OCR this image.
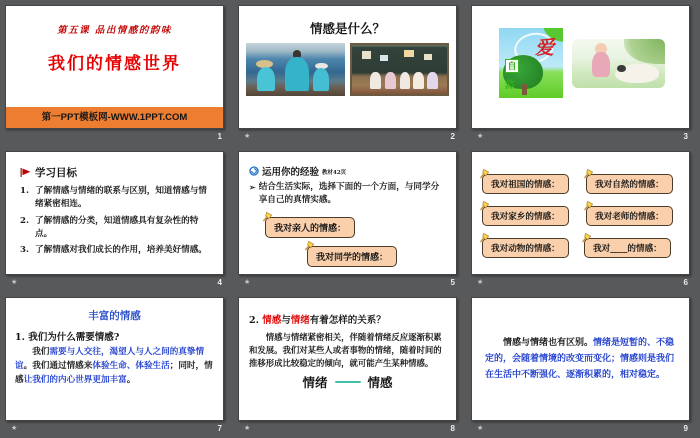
第五课 品出情感的韵味
我们的情感世界
第一PPT模板网-WWW.1PPT.COM
1
情感是什么？
★	2
爱
自
然
★	3
学习目标
1. 了解情感与情绪的联系与区别，知道情感与情绪紧密相连。
2. 了解情感的分类，知道情感具有复杂性的特点。
3. 了解情感对我们成长的作用，培养美好情感。
★	4
运用你的经验 教材42页
➢ 结合生活实际，选择下面的一个方面，与同学分享自己的真情实感。
我对亲人的情感：
我对同学的情感：
★	5
我对祖国的情感：	我对自然的情感：
我对家乡的情感：	我对老师的情感：
我对动物的情感：	我对____的情感：
★	6
丰富的情感
1. 我们为什么需要情感?
我们需要与人交往，渴望人与人之间的真挚情谊。我们通过情感来体验生命、体验生活；同时，情感让我们的内心世界更加丰富。
★	7
2. 情感与情绪有着怎样的关系？
情感与情绪紧密相关，伴随着情绪反应逐渐积累和发展。我们对某些人或者事物的情绪，随着时间的推移形成比较稳定的倾向，就可能产生某种情感。
情绪	情感
★	8
情感与情绪也有区别。情绪是短暂的、不稳定的，会随着情境的改变而变化；情感则是我们在生活中不断强化、逐渐积累的，相对稳定。
★	9
